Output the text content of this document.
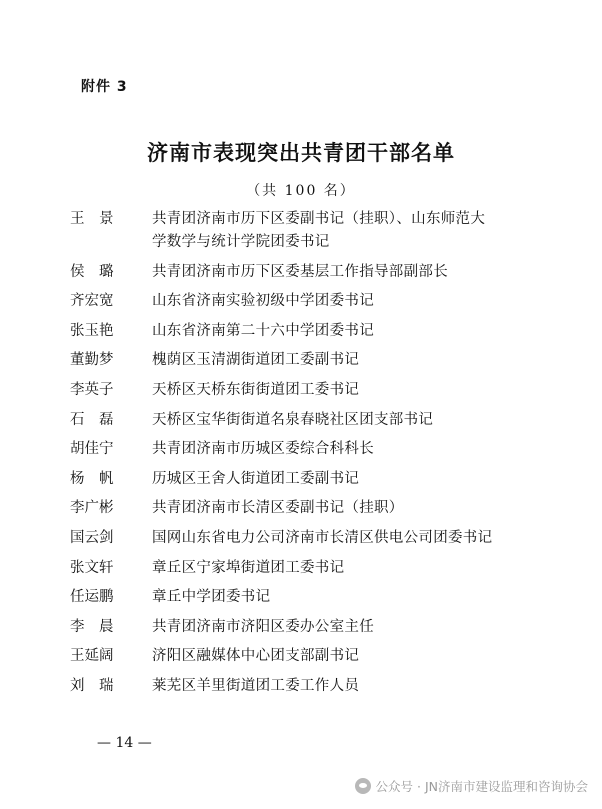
附件 3
济南市表现突出共青团干部名单
（共 100 名）
王　景	共青团济南市历下区委副书记（挂职）、山东师范大
学数学与统计学院团委书记
侯　璐	共青团济南市历下区委基层工作指导部副部长
齐宏宽	山东省济南实验初级中学团委书记
张玉艳	山东省济南第二十六中学团委书记
董勤梦	槐荫区玉清湖街道团工委副书记
李英子	天桥区天桥东街街道团工委书记
石　磊	天桥区宝华街街道名泉春晓社区团支部书记
胡佳宁	共青团济南市历城区委综合科科长
杨　帆	历城区王舍人街道团工委副书记
李广彬	共青团济南市长清区委副书记（挂职）
国云剑	国网山东省电力公司济南市长清区供电公司团委书记
张文轩	章丘区宁家埠街道团工委书记
任运鹏	章丘中学团委书记
李　晨	共青团济南市济阳区委办公室主任
王延阔	济阳区融媒体中心团支部副书记
刘　瑞	莱芜区羊里街道团工委工作人员
— 14 —
公众号 · JN济南市建设监理和咨询协会
